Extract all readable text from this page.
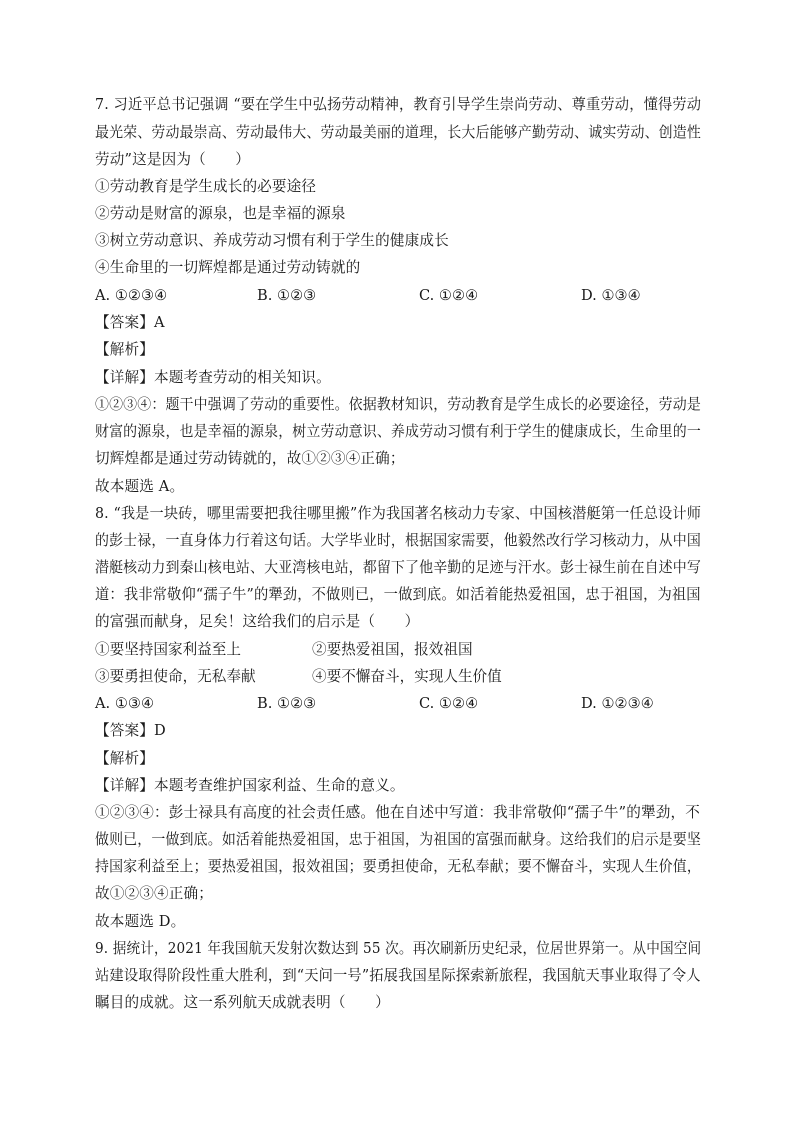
7. 习近平总书记强调 “要在学生中弘扬劳动精神，教育引导学生崇尚劳动、尊重劳动，懂得劳动
最光荣、劳动最崇高、劳动最伟大、劳动最美丽的道理，长大后能够产勤劳动、诚实劳动、创造性
劳动”这是因为（　　）
①劳动教育是学生成长的必要途径
②劳动是财富的源泉，也是幸福的源泉
③树立劳动意识、养成劳动习惯有利于学生的健康成长
④生命里的一切辉煌都是通过劳动铸就的
A. ①②③④	B. ①②③	C. ①②④	D. ①③④
【答案】A
【解析】
【详解】本题考查劳动的相关知识。
①②③④：题干中强调了劳动的重要性。依据教材知识，劳动教育是学生成长的必要途径，劳动是
财富的源泉，也是幸福的源泉，树立劳动意识、养成劳动习惯有利于学生的健康成长，生命里的一
切辉煌都是通过劳动铸就的，故①②③④正确；
故本题选 A。
8. “我是一块砖，哪里需要把我往哪里搬”作为我国著名核动力专家、中国核潜艇第一任总设计师
的彭士禄，一直身体力行着这句话。大学毕业时，根据国家需要，他毅然改行学习核动力，从中国
潜艇核动力到秦山核电站、大亚湾核电站，都留下了他辛勤的足迹与汗水。彭士禄生前在自述中写
道：我非常敬仰“孺子牛”的犟劲，不做则已，一做到底。如活着能热爱祖国，忠于祖国，为祖国
的富强而献身，足矣！这给我们的启示是（　　）
①要坚持国家利益至上	②要热爱祖国，报效祖国
③要勇担使命，无私奉献	④要不懈奋斗，实现人生价值
A. ①③④	B. ①②③	C. ①②④	D. ①②③④
【答案】D
【解析】
【详解】本题考查维护国家利益、生命的意义。
①②③④：彭士禄具有高度的社会责任感。他在自述中写道：我非常敬仰“孺子牛”的犟劲，不
做则已，一做到底。如活着能热爱祖国，忠于祖国，为祖国的富强而献身。这给我们的启示是要坚
持国家利益至上；要热爱祖国，报效祖国；要勇担使命，无私奉献；要不懈奋斗，实现人生价值，
故①②③④正确；
故本题选 D。
9. 据统计，2021 年我国航天发射次数达到 55 次。再次刷新历史纪录，位居世界第一。从中国空间
站建设取得阶段性重大胜利，到“天问一号”拓展我国星际探索新旅程，我国航天事业取得了令人
瞩目的成就。这一系列航天成就表明（　　）
